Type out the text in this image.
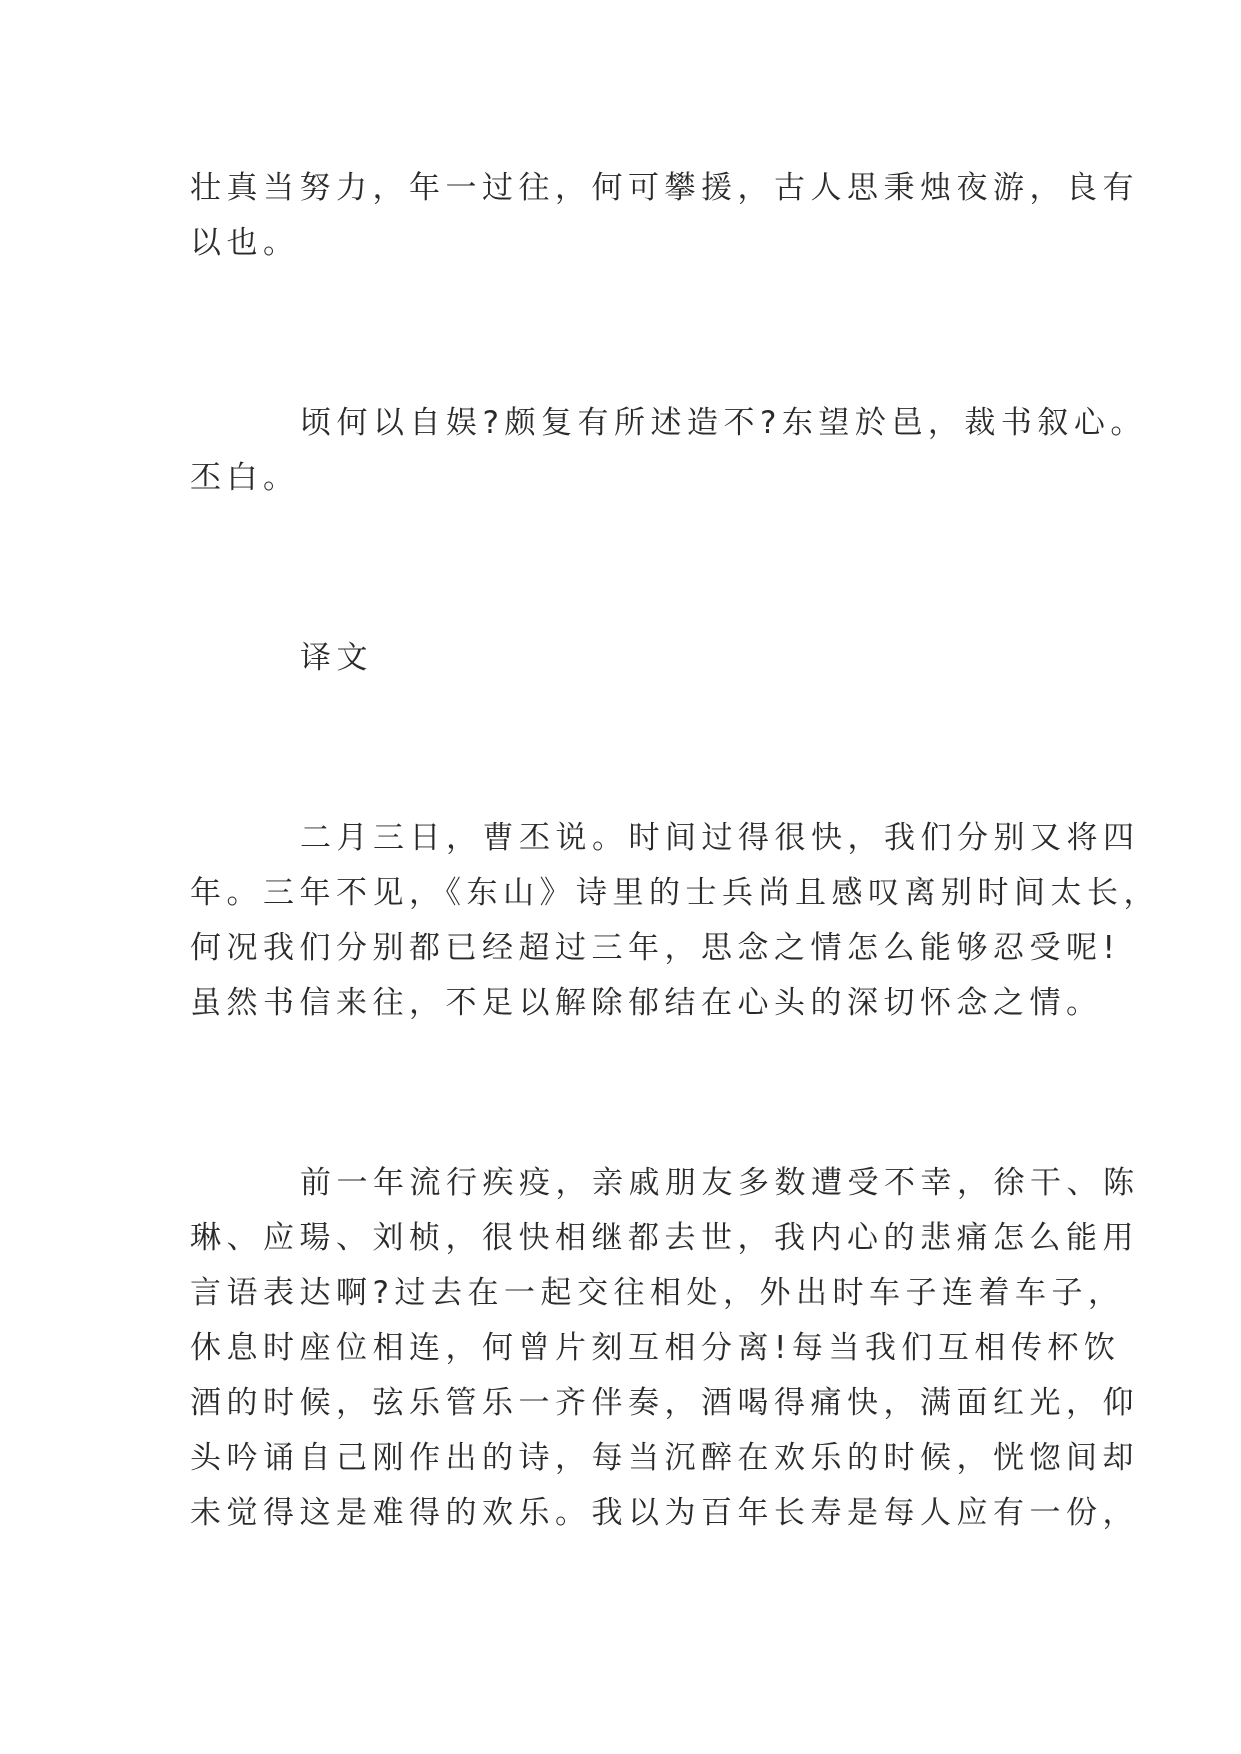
壮真当努力，年一过往，何可攀援，古人思秉烛夜游，良有
以也。
顷何以自娱?颇复有所述造不?东望於邑，裁书叙心。
丕白。
译文
二月三日，曹丕说。时间过得很快，我们分别又将四
年。三年不见，《东山》诗里的士兵尚且感叹离别时间太长，
何况我们分别都已经超过三年，思念之情怎么能够忍受呢!
虽然书信来往，不足以解除郁结在心头的深切怀念之情。
前一年流行疾疫，亲戚朋友多数遭受不幸，徐干、陈
琳、应瑒、刘桢，很快相继都去世，我内心的悲痛怎么能用
言语表达啊?过去在一起交往相处，外出时车子连着车子，
休息时座位相连，何曾片刻互相分离!每当我们互相传杯饮
酒的时候，弦乐管乐一齐伴奏，酒喝得痛快，满面红光，仰
头吟诵自己刚作出的诗，每当沉醉在欢乐的时候，恍惚间却
未觉得这是难得的欢乐。我以为百年长寿是每人应有一份，
